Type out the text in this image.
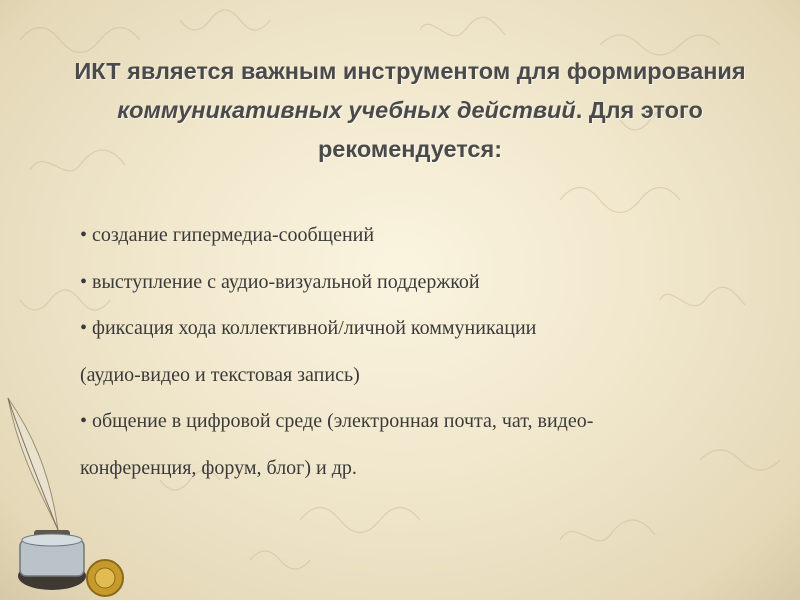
ИКТ является важным инструментом для формирования коммуникативных учебных действий. Для этого рекомендуется:
• создание гипермедиа-сообщений
• выступление с аудио-визуальной поддержкой
• фиксация хода коллективной/личной коммуникации
(аудио-видео и текстовая запись)
• общение в цифровой среде (электронная почта, чат, видео-
конференция, форум, блог) и др.
